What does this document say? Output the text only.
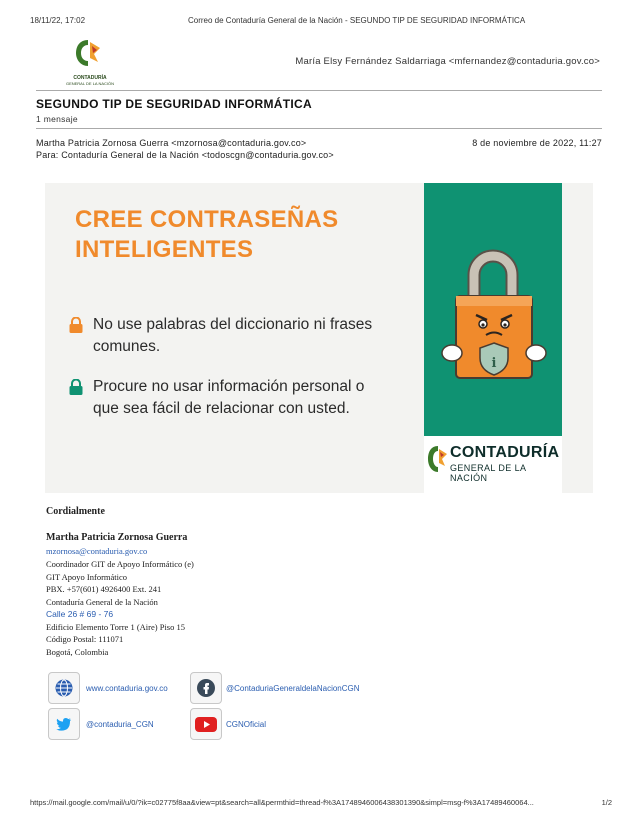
18/11/22, 17:02	Correo de Contaduría General de la Nación - SEGUNDO TIP DE SEGURIDAD INFORMÁTICA
CONTADURÍA
GENERAL DE LA NACIÓN
María Elsy Fernández Saldarriaga <mfernandez@contaduria.gov.co>
SEGUNDO TIP DE SEGURIDAD INFORMÁTICA
1 mensaje
Martha Patricia Zornosa Guerra <mzornosa@contaduria.gov.co>	8 de noviembre de 2022, 11:27
Para: Contaduría General de la Nación <todoscgn@contaduria.gov.co>
CREE CONTRASEÑAS
INTELIGENTES
No use palabras del diccionario ni frases comunes.
Procure no usar información personal o que sea fácil de relacionar con usted.
i
CONTADURÍA
GENERAL DE LA NACIÓN
Cordialmente
Martha Patricia Zornosa Guerra
mzornosa@contaduria.gov.co
Coordinador GIT de Apoyo Informático (e)
GIT Apoyo Informático
PBX. +57(601) 4926400 Ext. 241
Contaduría General de la Nación
Calle 26 # 69 - 76
Edificio Elemento Torre 1 (Aire) Piso 15
Código Postal: 111071
Bogotá, Colombia
www.contaduria.gov.co	@ContaduriaGeneraldelaNacionCGN
@contaduria_CGN	CGNOficial
https://mail.google.com/mail/u/0/?ik=c02775f8aa&view=pt&search=all&permthid=thread-f%3A1748946006438301390&simpl=msg-f%3A17489460064...	1/2
